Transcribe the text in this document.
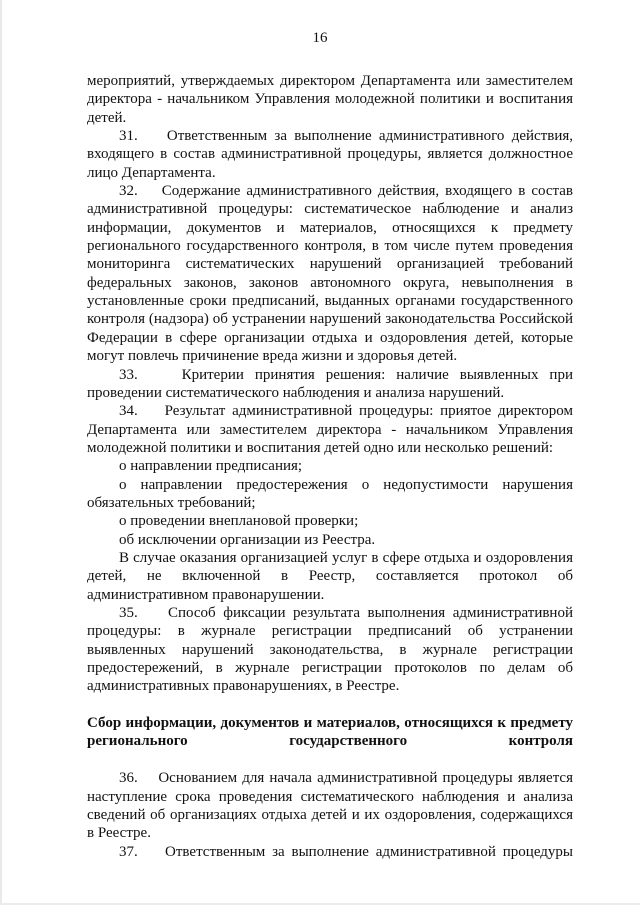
16

мероприятий, утверждаемых директором Департамента или заместителем директора - начальником Управления молодежной политики и воспитания детей.

31.    Ответственным за выполнение административного действия, входящего в состав административной процедуры, является должностное лицо Департамента.

32.    Содержание административного действия, входящего в состав административной процедуры: систематическое наблюдение и анализ информации, документов и материалов, относящихся к предмету регионального государственного контроля, в том числе путем проведения мониторинга систематических нарушений организацией требований федеральных законов, законов автономного округа, невыполнения в установленные сроки предписаний, выданных органами государственного контроля (надзора) об устранении нарушений законодательства Российской Федерации в сфере организации отдыха и оздоровления детей, которые могут повлечь причинение вреда жизни и здоровья детей.

33.    Критерии принятия решения: наличие выявленных при проведении систематического наблюдения и анализа нарушений.

34.    Результат административной процедуры: приятое директором Департамента или заместителем директора - начальником Управления молодежной политики и воспитания детей одно или несколько решений:

о направлении предписания;

о направлении предостережения о недопустимости нарушения обязательных требований;

о проведении внеплановой проверки;

об исключении организации из Реестра.

В случае оказания организацией услуг в сфере отдыха и оздоровления детей, не включенной в Реестр, составляется протокол об административном правонарушении.

35.    Способ фиксации результата выполнения административной процедуры: в журнале регистрации предписаний об устранении выявленных нарушений законодательства, в журнале регистрации предостережений, в журнале регистрации протоколов по делам об административных правонарушениях, в Реестре.

Сбор информации, документов и материалов, относящихся к предмету регионального государственного контроля

36.    Основанием для начала административной процедуры является наступление срока проведения систематического наблюдения и анализа сведений об организациях отдыха детей и их оздоровления, содержащихся в Реестре.

37.    Ответственным за выполнение административной процедуры
